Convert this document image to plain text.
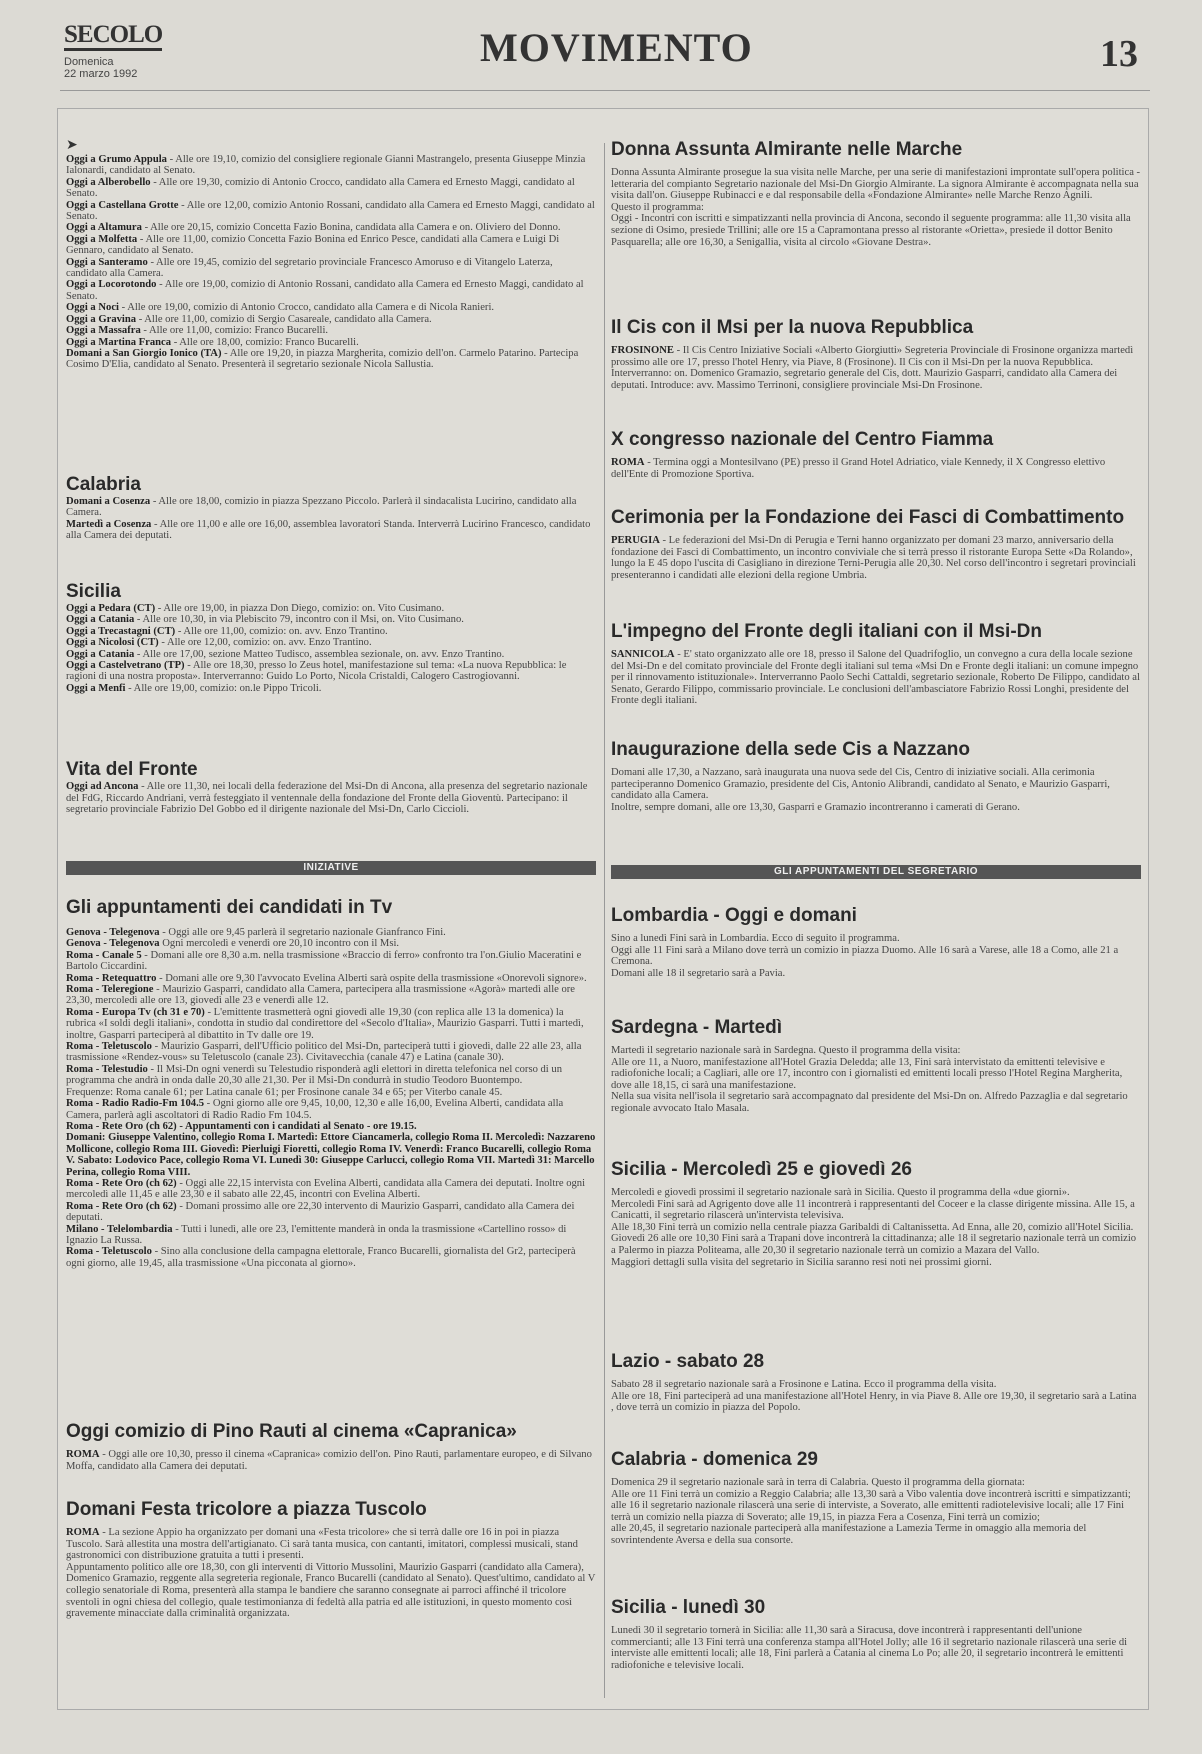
SECOLO
Domenica
22 marzo 1992
MOVIMENTO	13
➤
Oggi a Grumo Appula - Alle ore 19,10, comizio del consigliere regionale Gianni Mastrangelo, presenta Giuseppe Minzia Ialonardi, candidato al Senato.
Oggi a Alberobello - Alle ore 19,30, comizio di Antonio Crocco, candidato alla Camera ed Ernesto Maggi, candidato al Senato.
Oggi a Castellana Grotte - Alle ore 12,00, comizio Antonio Rossani, candidato alla Camera ed Ernesto Maggi, candidato al Senato.
Oggi a Altamura - Alle ore 20,15, comizio Concetta Fazio Bonina, candidata alla Camera e on. Oliviero del Donno.
Oggi a Molfetta - Alle ore 11,00, comizio Concetta Fazio Bonina ed Enrico Pesce, candidati alla Camera e Luigi Di Gennaro, candidato al Senato.
Oggi a Santeramo - Alle ore 19,45, comizio del segretario provinciale Francesco Amoruso e di Vitangelo Laterza, candidato alla Camera.
Oggi a Locorotondo - Alle ore 19,00, comizio di Antonio Rossani, candidato alla Camera ed Ernesto Maggi, candidato al Senato.
Oggi a Noci - Alle ore 19,00, comizio di Antonio Crocco, candidato alla Camera e di Nicola Ranieri.
Oggi a Gravina - Alle ore 11,00, comizio di Sergio Casareale, candidato alla Camera.
Oggi a Massafra - Alle ore 11,00, comizio: Franco Bucarelli.
Oggi a Martina Franca - Alle ore 18,00, comizio: Franco Bucarelli.
Domani a San Giorgio Ionico (TA) - Alle ore 19,20, in piazza Margherita, comizio dell'on. Carmelo Patarino. Partecipa Cosimo D'Elia, candidato al Senato. Presenterà il segretario sezionale Nicola Sallustia.
Calabria
Domani a Cosenza - Alle ore 18,00, comizio in piazza Spezzano Piccolo. Parlerà il sindacalista Lucirino, candidato alla Camera.
Martedì a Cosenza - Alle ore 11,00 e alle ore 16,00, assemblea lavoratori Standa. Interverrà Lucirino Francesco, candidato alla Camera dei deputati.
Sicilia
Oggi a Pedara (CT) - Alle ore 19,00, in piazza Don Diego, comizio: on. Vito Cusimano.
Oggi a Catania - Alle ore 10,30, in via Plebiscito 79, incontro con il Msi, on. Vito Cusimano.
Oggi a Trecastagni (CT) - Alle ore 11,00, comizio: on. avv. Enzo Trantino.
Oggi a Nicolosi (CT) - Alle ore 12,00, comizio: on. avv. Enzo Trantino.
Oggi a Catania - Alle ore 17,00, sezione Matteo Tudisco, assemblea sezionale, on. avv. Enzo Trantino.
Oggi a Castelvetrano (TP) - Alle ore 18,30, presso lo Zeus hotel, manifestazione sul tema: «La nuova Repubblica: le ragioni di una nostra proposta». Interverranno: Guido Lo Porto, Nicola Cristaldi, Calogero Castrogiovanni.
Oggi a Menfi - Alle ore 19,00, comizio: on.le Pippo Tricoli.
Vita del Fronte

Oggi ad Ancona - Alle ore 11,30, nei locali della federazione del Msi-Dn di Ancona, alla presenza del segretario nazionale del FdG, Riccardo Andriani, verrà festeggiato il ventennale della fondazione del Fronte della Gioventù. Partecipano: il segretario provinciale Fabrizio Del Gobbo ed il dirigente nazionale del Msi-Dn, Carlo Ciccioli.

INIZIATIVE
Gli appuntamenti dei candidati in Tv
Genova - Telegenova - Oggi alle ore 9,45 parlerà il segretario nazionale Gianfranco Fini.
Genova - Telegenova Ogni mercoledì e venerdì ore 20,10 incontro con il Msi.
Roma - Canale 5 - Domani alle ore 8,30 a.m. nella trasmissione «Braccio di ferro» confronto tra l'on.Giulio Maceratini e Bartolo Ciccardini.
Roma - Retequattro - Domani alle ore 9,30 l'avvocato Evelina Alberti sarà ospite della trasmissione «Onorevoli signore».
Roma - Teleregione - Maurizio Gasparri, candidato alla Camera, partecipera alla trasmissione «Agorà» martedì alle ore 23,30, mercoledì alle ore 13, giovedì alle 23 e venerdì alle 12.
Roma - Europa Tv (ch 31 e 70) - L'emittente trasmetterà ogni giovedì alle 19,30 (con replica alle 13 la domenica) la rubrica «I soldi degli italiani», condotta in studio dal condirettore del «Secolo d'Italia», Maurizio Gasparri. Tutti i martedì, inoltre, Gasparri parteciperà al dibattito in Tv dalle ore 19.
Roma - Teletuscolo - Maurizio Gasparri, dell'Ufficio politico del Msi-Dn, parteciperà tutti i giovedì, dalle 22 alle 23, alla trasmissione «Rendez-vous» su Teletuscolo (canale 23). Civitavecchia (canale 47) e Latina (canale 30).
Roma - Telestudio - Il Msi-Dn ogni venerdì su Telestudio risponderà agli elettori in diretta telefonica nel corso di un programma che andrà in onda dalle 20,30 alle 21,30. Per il Msi-Dn condurrà in studio Teodoro Buontempo.
Frequenze: Roma canale 61; per Latina canale 61; per Frosinone canale 34 e 65; per Viterbo canale 45.
Roma - Radio Radio-Fm 104.5 - Ogni giorno alle ore 9,45, 10,00, 12,30 e alle 16,00, Evelina Alberti, candidata alla Camera, parlerà agli ascoltatori di Radio Radio Fm 104.5.
Roma - Rete Oro (ch 62) - Appuntamenti con i candidati al Senato - ore 19.15.
Domani: Giuseppe Valentino, collegio Roma I. Martedì: Ettore Ciancamerla, collegio Roma II. Mercoledì: Nazzareno Mollicone, collegio Roma III. Giovedì: Pierluigi Fioretti, collegio Roma IV. Venerdì: Franco Bucarelli, collegio Roma V. Sabato: Lodovico Pace, collegio Roma VI. Lunedì 30: Giuseppe Carlucci, collegio Roma VII. Martedì 31: Marcello Perina, collegio Roma VIII.
Roma - Rete Oro (ch 62) - Oggi alle 22,15 intervista con Evelina Alberti, candidata alla Camera dei deputati. Inoltre ogni mercoledì alle 11,45 e alle 23,30 e il sabato alle 22,45, incontri con Evelina Alberti.
Roma - Rete Oro (ch 62) - Domani prossimo alle ore 22,30 intervento di Maurizio Gasparri, candidato alla Camera dei deputati.
Milano - Telelombardia - Tutti i lunedì, alle ore 23, l'emittente manderà in onda la trasmissione «Cartellino rosso» di Ignazio La Russa.
Roma - Teletuscolo - Sino alla conclusione della campagna elettorale, Franco Bucarelli, giornalista del Gr2, parteciperà ogni giorno, alle 19,45, alla trasmissione «Una picconata al giorno».
Oggi comizio di Pino Rauti al cinema «Capranica»

ROMA - Oggi alle ore 10,30, presso il cinema «Capranica» comizio dell'on. Pino Rauti, parlamentare europeo, e di Silvano Moffa, candidato alla Camera dei deputati.

Domani Festa tricolore a piazza Tuscolo

ROMA - La sezione Appio ha organizzato per domani una «Festa tricolore» che si terrà dalle ore 16 in poi in piazza Tuscolo. Sarà allestita una mostra dell'artigianato. Ci sarà tanta musica, con cantanti, imitatori, complessi musicali, stand gastronomici con distribuzione gratuita a tutti i presenti.

Appuntamento politico alle ore 18,30, con gli interventi di Vittorio Mussolini, Maurizio Gasparri (candidato alla Camera), Domenico Gramazio, reggente alla segreteria regionale, Franco Bucarelli (candidato al Senato). Quest'ultimo, candidato al V collegio senatoriale di Roma, presenterà alla stampa le bandiere che saranno consegnate ai parroci affinché il tricolore sventoli in ogni chiesa del collegio, quale testimonianza di fedeltà alla patria ed alle istituzioni, in questo momento così gravemente minacciate dalla criminalità organizzata.

Donna Assunta Almirante nelle Marche

Donna Assunta Almirante prosegue la sua visita nelle Marche, per una serie di manifestazioni improntate sull'opera politica - letteraria del compianto Segretario nazionale del Msi-Dn Giorgio Almirante. La signora Almirante è accompagnata nella sua visita dall'on. Giuseppe Rubinacci e e dal responsabile della «Fondazione Almirante» nelle Marche Renzo Agnili.

Questo il programma:

Oggi - Incontri con iscritti e simpatizzanti nella provincia di Ancona, secondo il seguente programma: alle 11,30 visita alla sezione di Osimo, presiede Trillini; alle ore 15 a Capramontana presso al ristorante «Orietta», presiede il dottor Benito Pasquarella; alle ore 16,30, a Senigallia, visita al circolo «Giovane Destra».

Il Cis con il Msi per la nuova Repubblica

FROSINONE - Il Cis Centro Iniziative Sociali «Alberto Giorgiutti» Segreteria Provinciale di Frosinone organizza martedì prossimo alle ore 17, presso l'hotel Henry, via Piave, 8 (Frosinone). Il Cis con il Msi-Dn per la nuova Repubblica. Interverranno: on. Domenico Gramazio, segretario generale del Cis, dott. Maurizio Gasparri, candidato alla Camera dei deputati. Introduce: avv. Massimo Terrinoni, consigliere provinciale Msi-Dn Frosinone.

X congresso nazionale del Centro Fiamma

ROMA - Termina oggi a Montesilvano (PE) presso il Grand Hotel Adriatico, viale Kennedy, il X Congresso elettivo dell'Ente di Promozione Sportiva.

Cerimonia per la Fondazione dei Fasci di Combattimento

PERUGIA - Le federazioni del Msi-Dn di Perugia e Terni hanno organizzato per domani 23 marzo, anniversario della fondazione dei Fasci di Combattimento, un incontro conviviale che si terrà presso il ristorante Europa Sette «Da Rolando», lungo la E 45 dopo l'uscita di Casigliano in direzione Terni-Perugia alle 20,30. Nel corso dell'incontro i segretari provinciali presenteranno i candidati alle elezioni della regione Umbria.

L'impegno del Fronte degli italiani con il Msi-Dn

SANNICOLA - E' stato organizzato alle ore 18, presso il Salone del Quadrifoglio, un convegno a cura della locale sezione del Msi-Dn e del comitato provinciale del Fronte degli italiani sul tema «Msi Dn e Fronte degli italiani: un comune impegno per il rinnovamento istituzionale». Interverranno Paolo Sechi Cattaldi, segretario sezionale, Roberto De Filippo, candidato al Senato, Gerardo Filippo, commissario provinciale. Le conclusioni dell'ambasciatore Fabrizio Rossi Longhi, presidente del Fronte degli italiani.

Inaugurazione della sede Cis a Nazzano

Domani alle 17,30, a Nazzano, sarà inaugurata una nuova sede del Cis, Centro di iniziative sociali. Alla cerimonia parteciperanno Domenico Gramazio, presidente del Cis, Antonio Alibrandi, candidato al Senato, e Maurizio Gasparri, candidato alla Camera.

Inoltre, sempre domani, alle ore 13,30, Gasparri e Gramazio incontreranno i camerati di Gerano.

GLI APPUNTAMENTI DEL SEGRETARIO
Lombardia - Oggi e domani

Sino a lunedì Fini sarà in Lombardia. Ecco di seguito il programma.

Oggi alle 11 Fini sarà a Milano dove terrà un comizio in piazza Duomo. Alle 16 sarà a Varese, alle 18 a Como, alle 21 a Cremona.

Domani alle 18 il segretario sarà a Pavia.

Sardegna - Martedì

Martedì il segretario nazionale sarà in Sardegna. Questo il programma della visita:

Alle ore 11, a Nuoro, manifestazione all'Hotel Grazia Deledda; alle 13, Fini sarà intervistato da emittenti televisive e radiofoniche locali; a Cagliari, alle ore 17, incontro con i giornalisti ed emittenti locali presso l'Hotel Regina Margherita, dove alle 18,15, ci sarà una manifestazione.

Nella sua visita nell'isola il segretario sarà accompagnato dal presidente del Msi-Dn on. Alfredo Pazzaglia e dal segretario regionale avvocato Italo Masala.

Sicilia - Mercoledì 25 e giovedì 26

Mercoledì e giovedì prossimi il segretario nazionale sarà in Sicilia. Questo il programma della «due giorni».

Mercoledì Fini sarà ad Agrigento dove alle 11 incontrerà i rappresentanti del Coceer e la classe dirigente missina. Alle 15, a Canicattì, il segretario rilascerà un'intervista televisiva.

Alle 18,30 Fini terrà un comizio nella centrale piazza Garibaldi di Caltanissetta. Ad Enna, alle 20, comizio all'Hotel Sicilia.

Giovedì 26 alle ore 10,30 Fini sarà a Trapani dove incontrerà la cittadinanza; alle 18 il segretario nazionale terrà un comizio a Palermo in piazza Politeama, alle 20,30 il segretario nazionale terrà un comizio a Mazara del Vallo.

Maggiori dettagli sulla visita del segretario in Sicilia saranno resi noti nei prossimi giorni.

Lazio - sabato 28

Sabato 28 il segretario nazionale sarà a Frosinone e Latina. Ecco il programma della visita.

Alle ore 18, Fini parteciperà ad una manifestazione all'Hotel Henry, in via Piave 8. Alle ore 19,30, il segretario sarà a Latina , dove terrà un comizio in piazza del Popolo.

Calabria - domenica 29

Domenica 29 il segretario nazionale sarà in terra di Calabria. Questo il programma della giornata:

Alle ore 11 Fini terrà un comizio a Reggio Calabria; alle 13,30 sarà a Vibo valentia dove incontrerà iscritti e simpatizzanti; alle 16 il segretario nazionale rilascerà una serie di interviste, a Soverato, alle emittenti radiotelevisive locali; alle 17 Fini terrà un comizio nella piazza di Soverato; alle 19,15, in piazza Fera a Cosenza, Fini terrà un comizio;

alle 20,45, il segretario nazionale parteciperà alla manifestazione a Lamezia Terme in omaggio alla memoria del sovrintendente Aversa e della sua consorte.

Sicilia - lunedì 30

Lunedì 30 il segretario tornerà in Sicilia: alle 11,30 sarà a Siracusa, dove incontrerà i rappresentanti dell'unione commercianti; alle 13 Fini terrà una conferenza stampa all'Hotel Jolly; alle 16 il segretario nazionale rilascerà una serie di interviste alle emittenti locali; alle 18, Fini parlerà a Catania al cinema Lo Po; alle 20, il segretario incontrerà le emittenti radiofoniche e televisive locali.
